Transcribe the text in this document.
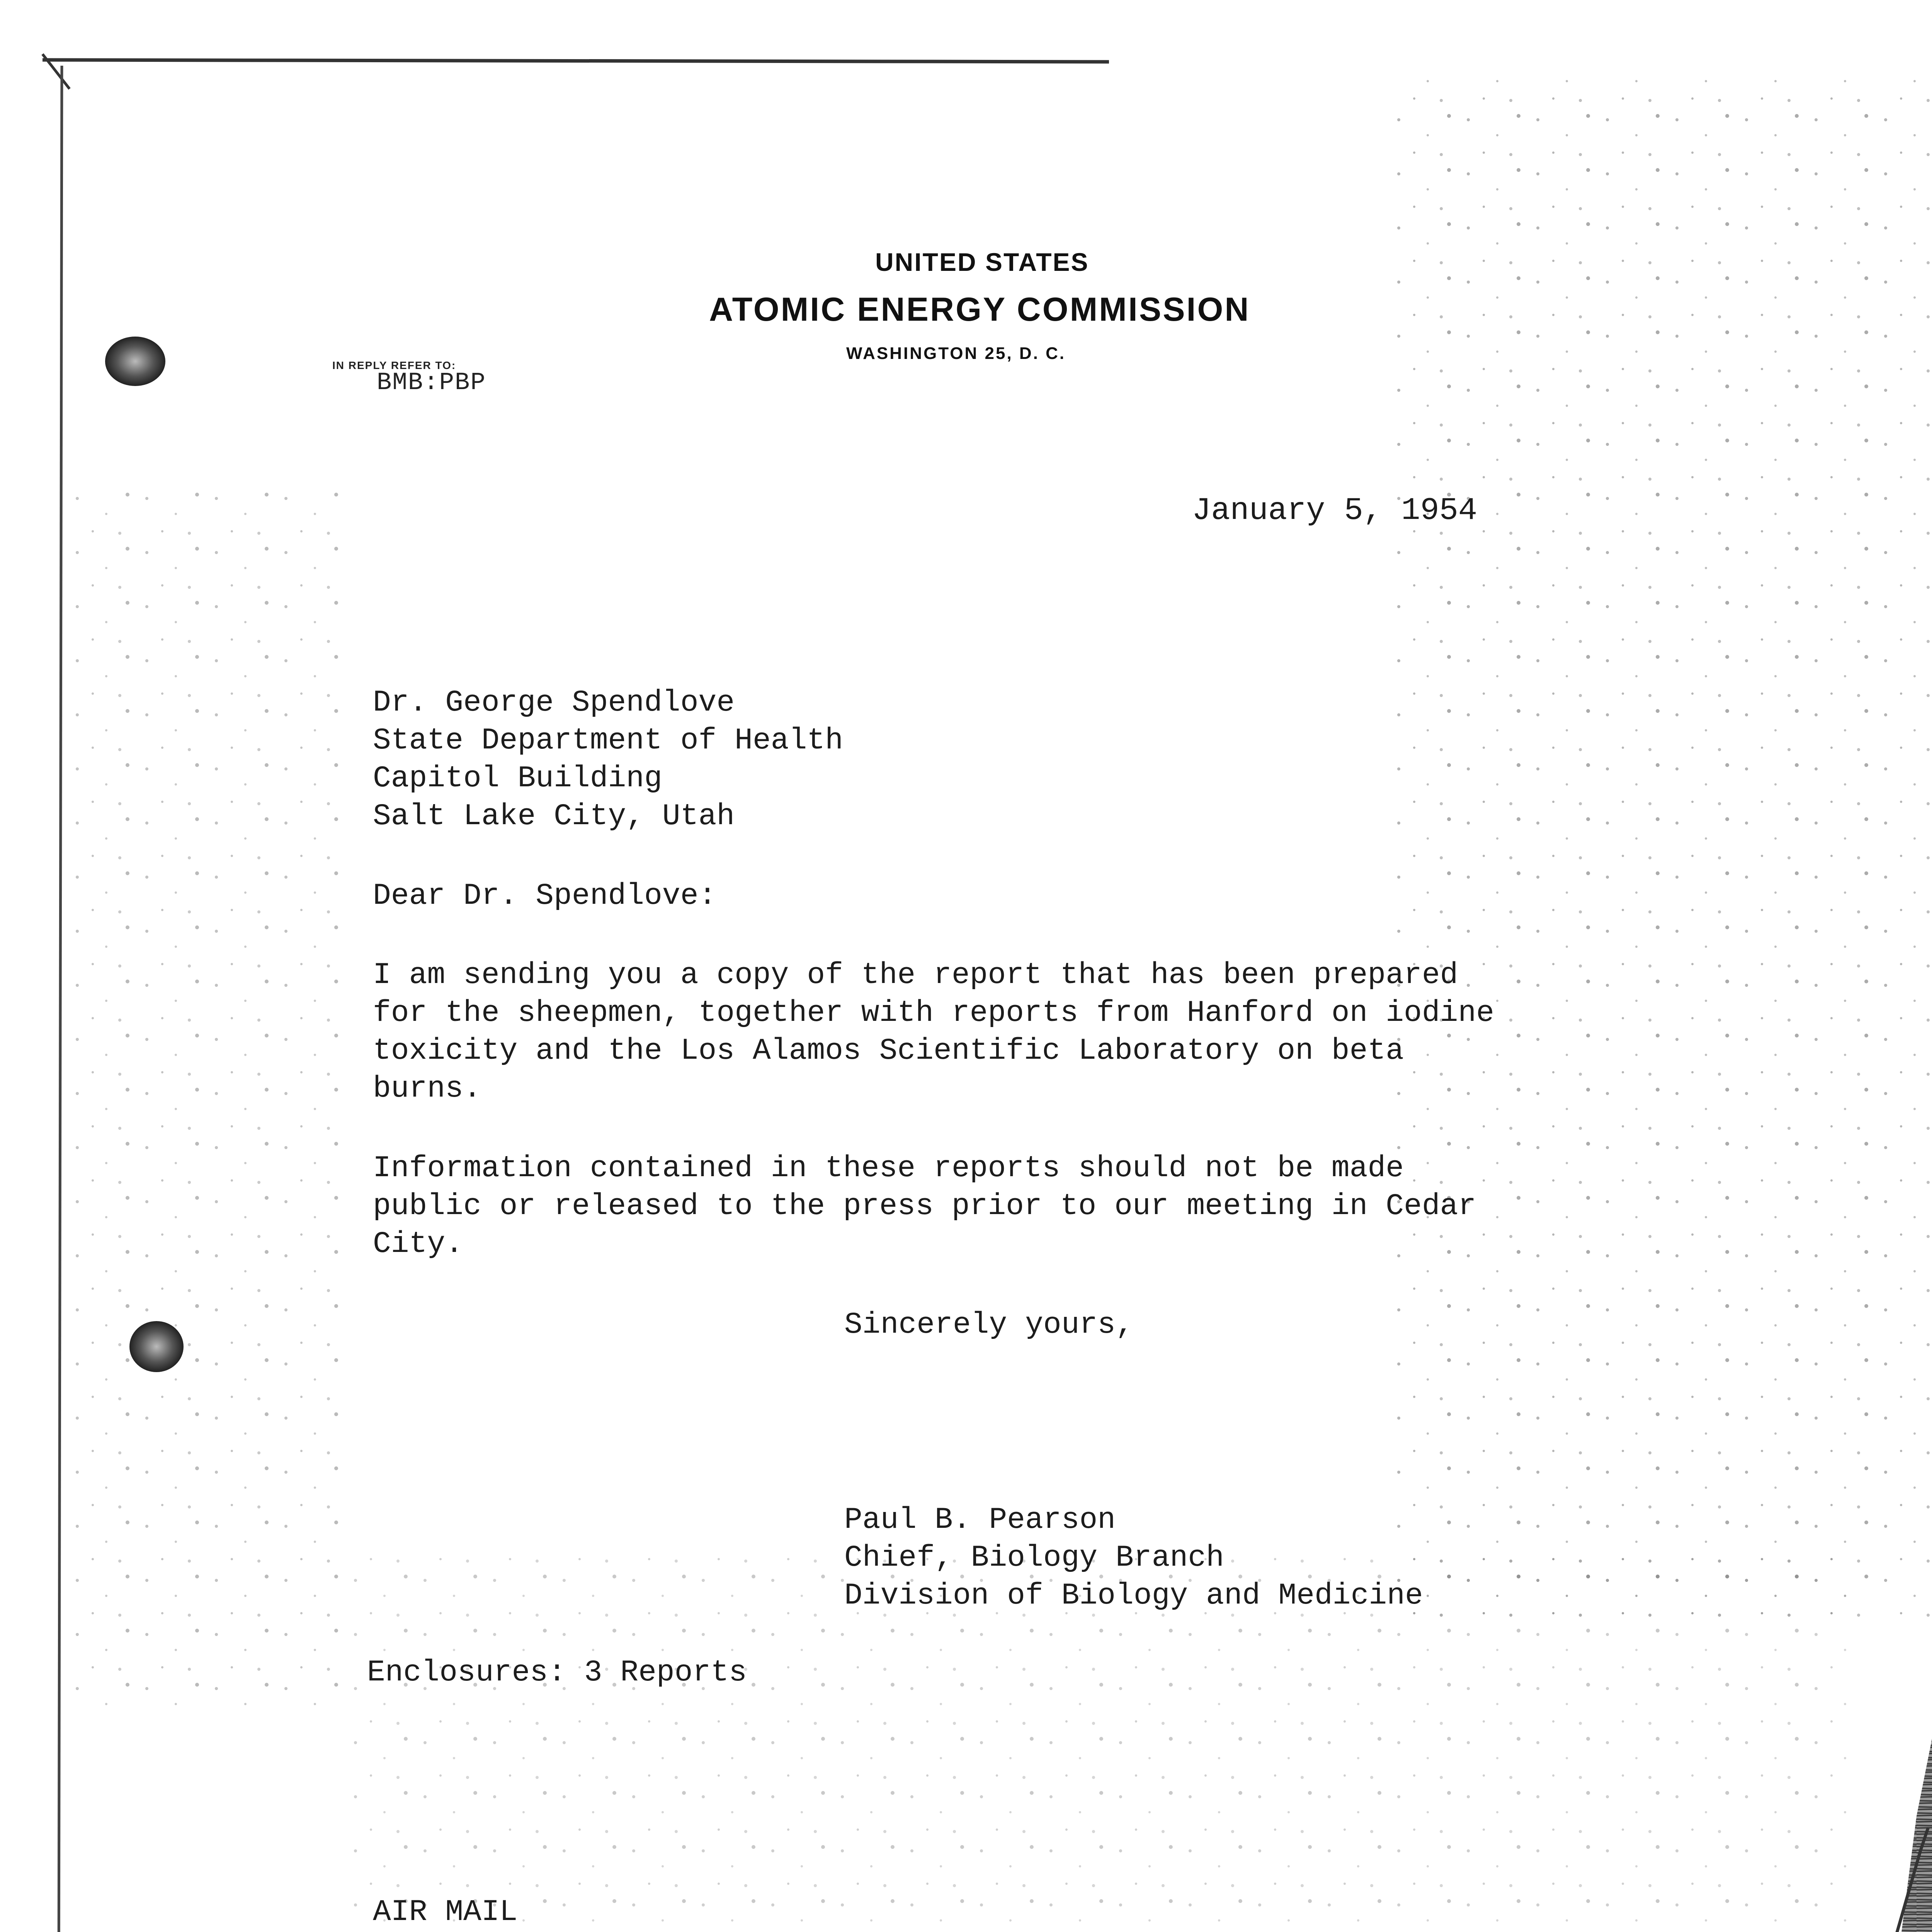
UNITED STATES
ATOMIC ENERGY COMMISSION
WASHINGTON 25, D. C.
IN REPLY REFER TO:
BMB:PBP
January 5, 1954
Dr. George Spendlove
State Department of Health
Capitol Building
Salt Lake City, Utah
Dear Dr. Spendlove:
I am sending you a copy of the report that has been prepared
for the sheepmen, together with reports from Hanford on iodine
toxicity and the Los Alamos Scientific Laboratory on beta
burns.
Information contained in these reports should not be made
public or released to the press prior to our meeting in Cedar
City.
Sincerely yours,
Paul B. Pearson
Chief, Biology Branch
Division of Biology and Medicine
Enclosures: 3 Reports
AIR MAIL
